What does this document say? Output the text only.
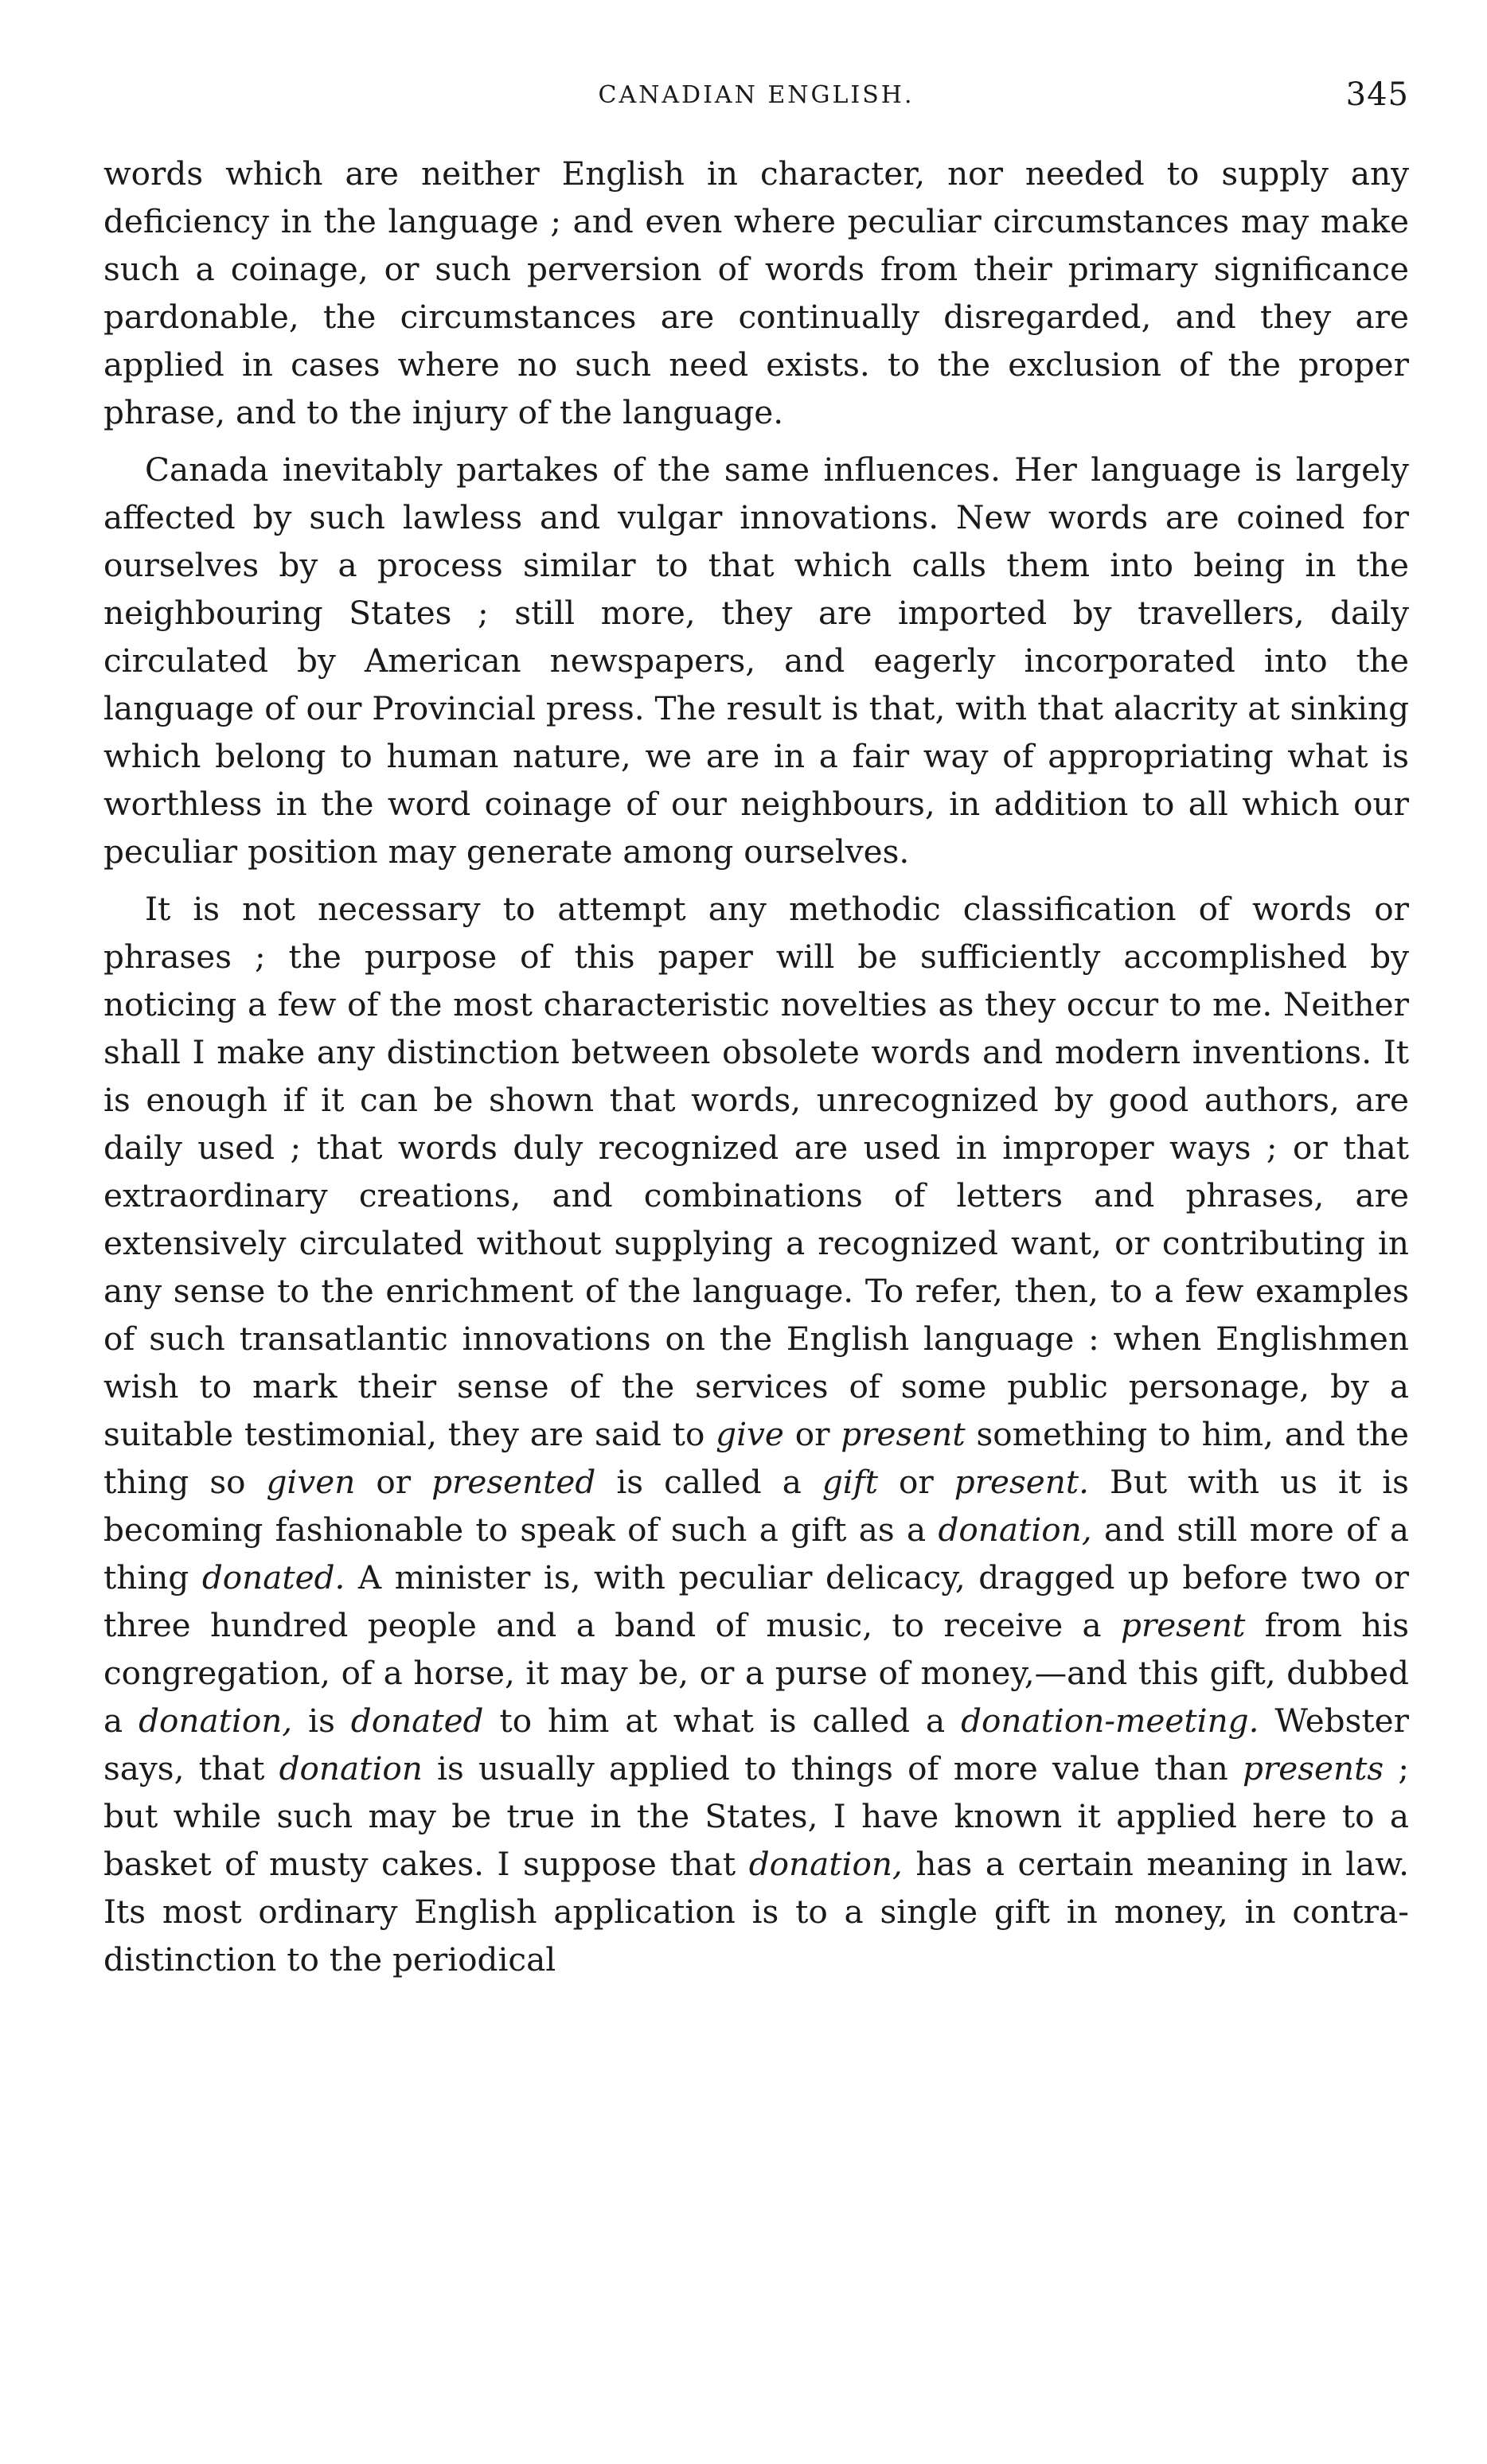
CANADIAN ENGLISH.	345

words which are neither English in character, nor needed to supply any deficiency in the language ; and even where peculiar circumstances may make such a coinage, or such perversion of words from their primary significance pardonable, the circumstances are continually disregarded, and they are applied in cases where no such need exists. to the exclusion of the proper phrase, and to the injury of the language.

Canada inevitably partakes of the same influences. Her language is largely affected by such lawless and vulgar innovations. New words are coined for ourselves by a process similar to that which calls them into being in the neighbouring States ; still more, they are imported by travellers, daily circulated by American newspapers, and eagerly incorporated into the language of our Provincial press. The result is that, with that alacrity at sinking which belong to human nature, we are in a fair way of appropriating what is worthless in the word coinage of our neighbours, in addition to all which our peculiar position may generate among ourselves.

It is not necessary to attempt any methodic classification of words or phrases ; the purpose of this paper will be sufficiently accomplished by noticing a few of the most characteristic novelties as they occur to me. Neither shall I make any distinction between obsolete words and modern inventions. It is enough if it can be shown that words, unrecognized by good authors, are daily used ; that words duly recognized are used in improper ways ; or that extraordinary creations, and combinations of letters and phrases, are extensively circulated without supplying a recognized want, or contributing in any sense to the enrichment of the language. To refer, then, to a few examples of such transatlantic innovations on the English language : when Englishmen wish to mark their sense of the services of some public personage, by a suitable testimonial, they are said to give or present something to him, and the thing so given or presented is called a gift or present. But with us it is becoming fashionable to speak of such a gift as a donation, and still more of a thing donated. A minister is, with peculiar delicacy, dragged up before two or three hundred people and a band of music, to receive a present from his congregation, of a horse, it may be, or a purse of money,—and this gift, dubbed a donation, is donated to him at what is called a donation-meeting. Webster says, that donation is usually applied to things of more value than presents ; but while such may be true in the States, I have known it applied here to a basket of musty cakes. I suppose that donation, has a certain meaning in law. Its most ordinary English application is to a single gift in money, in contra-distinction to the periodical
